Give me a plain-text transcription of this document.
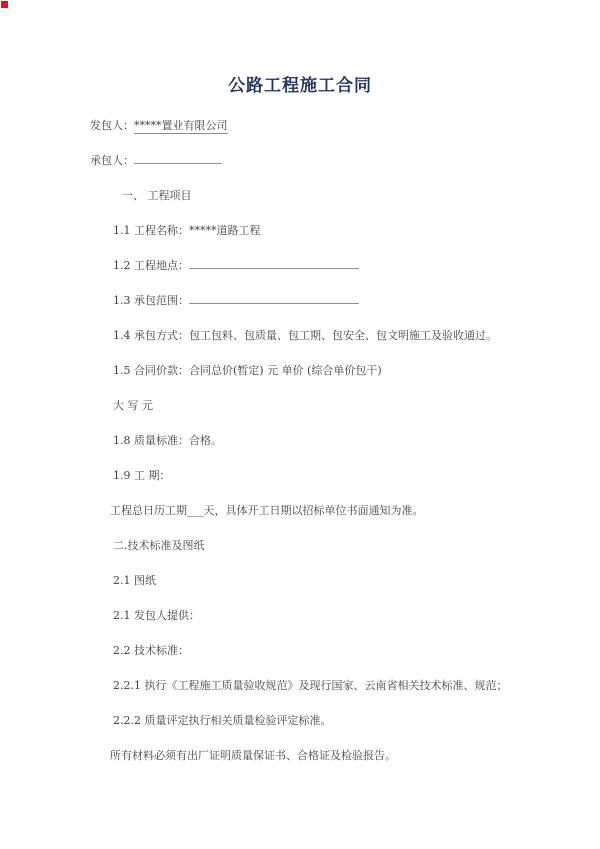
公路工程施工合同

发包人：*****置业有限公司

承包人：

一、 工程项目

1.1 工程名称：*****道路工程

1.2 工程地点：

1.3 承包范围：

1.4 承包方式：包工包料、包质量、包工期、包安全、包文明施工及验收通过。

1.5 合同价款：合同总价(暂定) 元 单价 (综合单价包干)

大 写 元

1.8 质量标准：合格。

1.9 工 期：

工程总日历工期___天，具体开工日期以招标单位书面通知为准。

二.技术标准及图纸

2.1 图纸

2.1 发包人提供：

2.2 技术标准：

2.2.1 执行《工程施工质量验收规范》及现行国家、云南省相关技术标准、规范；

2.2.2 质量评定执行相关质量检验评定标准。

所有材料必须有出厂证明质量保证书、合格证及检验报告。
